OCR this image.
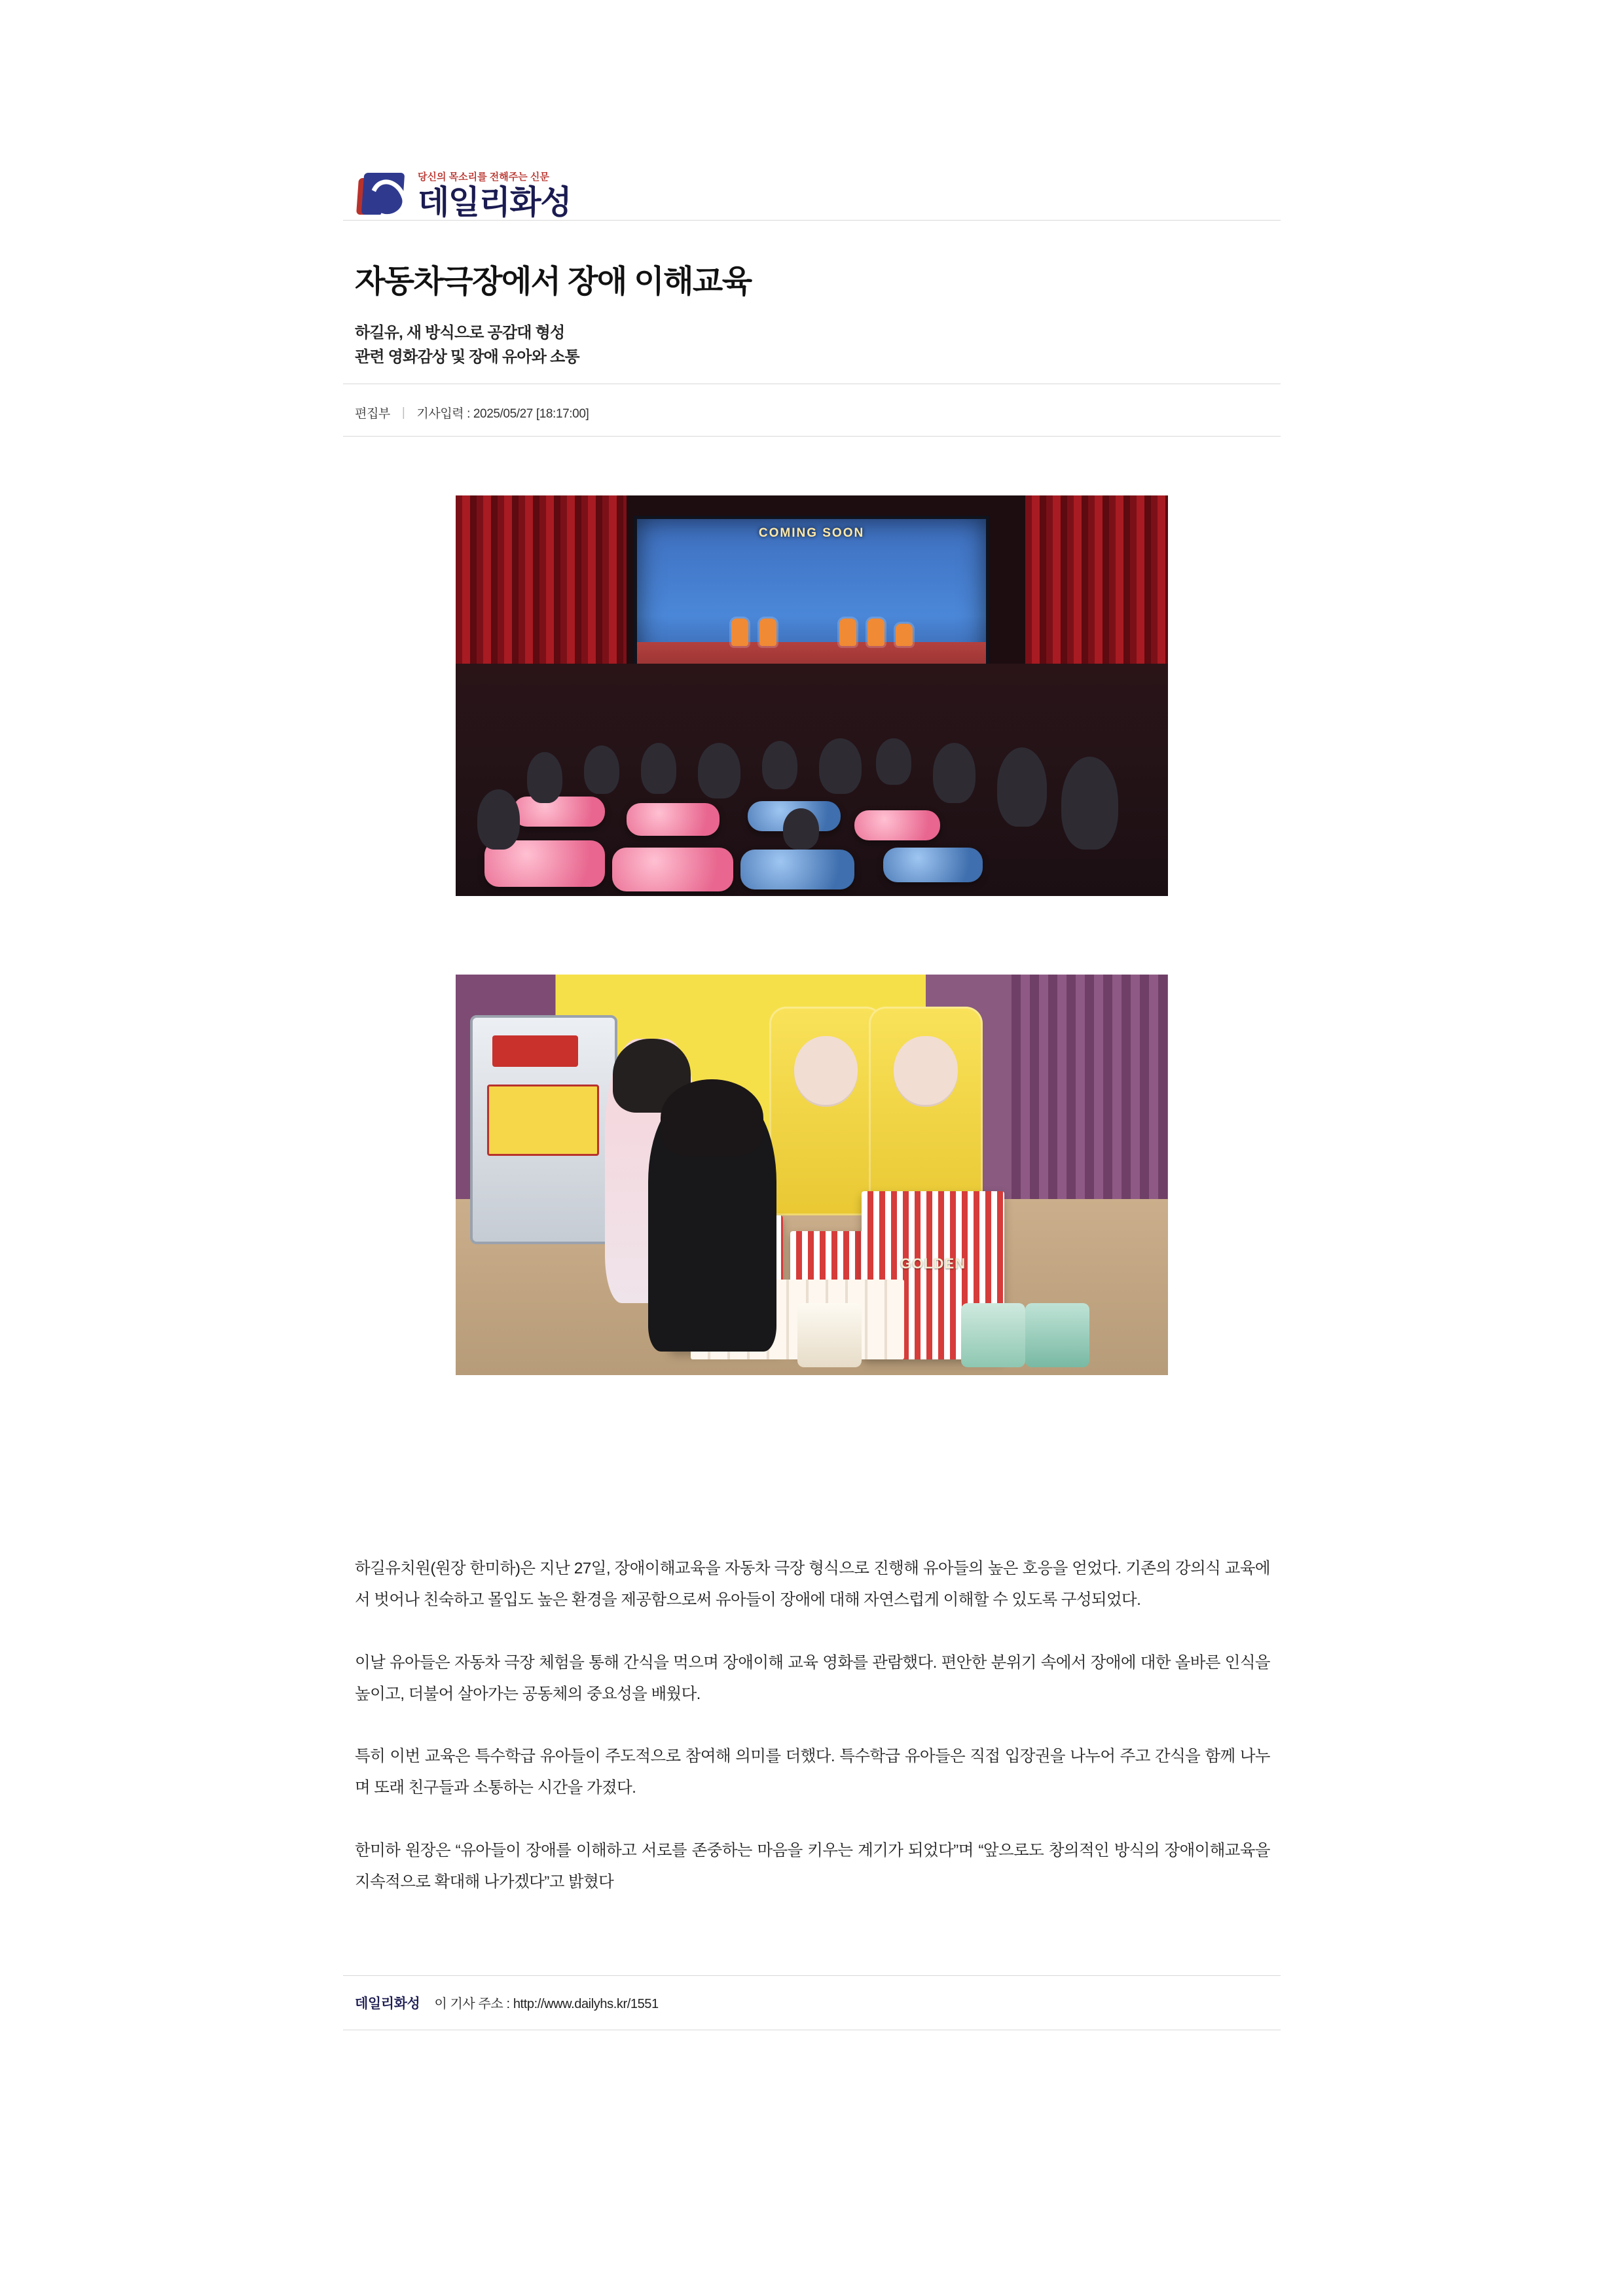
당신의 목소리를 전해주는 신문
데일리화성
자동차극장에서 장애 이해교육
하길유, 새 방식으로 공감대 형성
관련 영화감상 및 장애 유아와 소통
편집부 | 기사입력 : 2025/05/27 [18:17:00]
COMING SOON
GOLDEN

하길유치원(원장 한미하)은 지난 27일, 장애이해교육을 자동차 극장 형식으로 진행해 유아들의 높은 호응을 얻었다. 기존의 강의식 교육에서 벗어나 친숙하고 몰입도 높은 환경을 제공함으로써 유아들이 장애에 대해 자연스럽게 이해할 수 있도록 구성되었다.

이날 유아들은 자동차 극장 체험을 통해 간식을 먹으며 장애이해 교육 영화를 관람했다. 편안한 분위기 속에서 장애에 대한 올바른 인식을 높이고, 더불어 살아가는 공동체의 중요성을 배웠다.

특히 이번 교육은 특수학급 유아들이 주도적으로 참여해 의미를 더했다. 특수학급 유아들은 직접 입장권을 나누어 주고 간식을 함께 나누며 또래 친구들과 소통하는 시간을 가졌다.

한미하 원장은 “유아들이 장애를 이해하고 서로를 존중하는 마음을 키우는 계기가 되었다”며 “앞으로도 창의적인 방식의 장애이해교육을 지속적으로 확대해 나가겠다”고 밝혔다

데일리화성 이 기사 주소 : http://www.dailyhs.kr/1551
